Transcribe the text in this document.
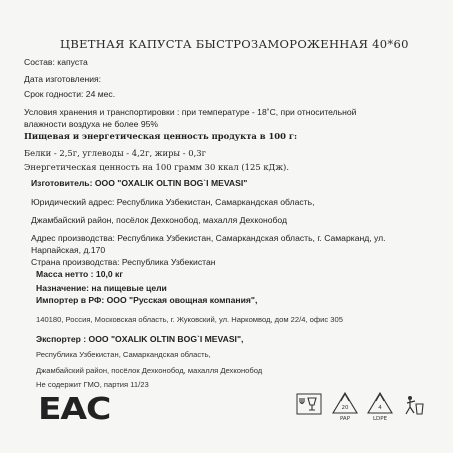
ЦВЕТНАЯ КАПУСТА БЫСТРОЗАМОРОЖЕННАЯ 40*60
Состав: капуста
Дата изготовления:
Срок годности: 24 мес.
Условия хранения и транспортировки : при температуре - 18˚C, при относительной
влажности воздуха не более 95%
Пищевая и энергетическая ценность продукта в 100 г:
Белки - 2,5г, углеводы - 4,2г, жиры - 0,3г
Энергетическая ценность на 100 грамм 30 ккал (125 кДж).
Изготовитель: ООО "OXALIK OLTIN BOG`I MEVASI"
Юридический адрес: Республика Узбекистан, Самаркандская область,
Джамбайский район, посёлок Дехконобод, махалля Дехконобод
Адрес производства: Республика Узбекистан, Самаркандская область, г. Самарканд, ул.
Нарпайская, д.170
Страна производства: Республика Узбекистан
Масса нетто : 10,0 кг
Назначение: на пищевые цели
Импортер в РФ: ООО "Русская овощная компания",
140180, Россия, Московская область, г. Жуковский, ул. Наркомвод, дом 22/4, офис 305
Экспортер : ООО "OXALIK OLTIN BOG`I MEVASI",
Республика Узбекистан, Самаркандская область,
Джамбайский район, посёлок Дехконобод, махалля Дехконобод
Не содержит ГМО, партия 11/23
ЕАС	20
PAP
4
LDPE
